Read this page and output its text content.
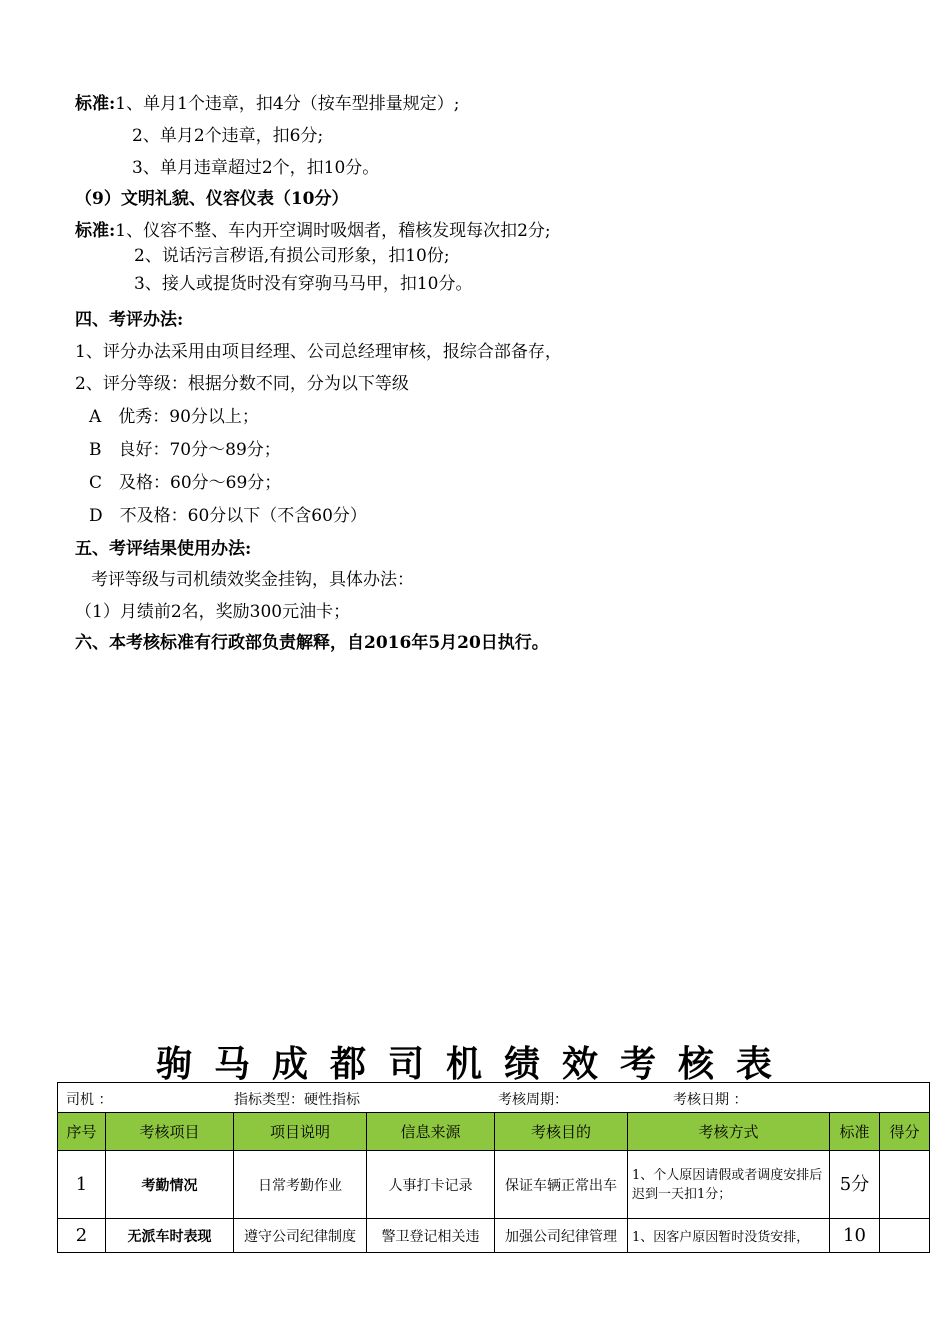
标准:1、单月1个违章，扣4分（按车型排量规定）;
2、单月2个违章，扣6分;
3、单月违章超过2个，扣10分。
（9）文明礼貌、仪容仪表（10分）
标准:1、仪容不整、车内开空调时吸烟者，稽核发现每次扣2分;
2、说话污言秽语,有损公司形象，扣10份;
3、接人或提货时没有穿驹马马甲，扣10分。
四、考评办法:
1、评分办法采用由项目经理、公司总经理审核，报综合部备存，
2、评分等级：根据分数不同，分为以下等级
A　优秀：90分以上；
B　良好：70分～89分；
C　及格：60分～69分；
D　不及格：60分以下（不含60分）
五、考评结果使用办法:
考评等级与司机绩效奖金挂钩，具体办法：
（1）月绩前2名，奖励300元油卡；
六、本考核标准有行政部负责解释，自2016年5月20日执行。
驹马成都司机绩效考核表
司机 ： 指标类型：硬性指标 考核周期： 考核日期 ：							

序号	考核项目	项目说明	信息来源	考核目的	考核方式	标准	得分
1	考勤情况	日常考勤作业	人事打卡记录	保证车辆正常出车	1、个人原因请假或者调度安排后迟到一天扣1分；	5分	
2	无派车时表现	遵守公司纪律制度	警卫登记相关违	加强公司纪律管理	1、因客户原因暂时没货安排，	10	
